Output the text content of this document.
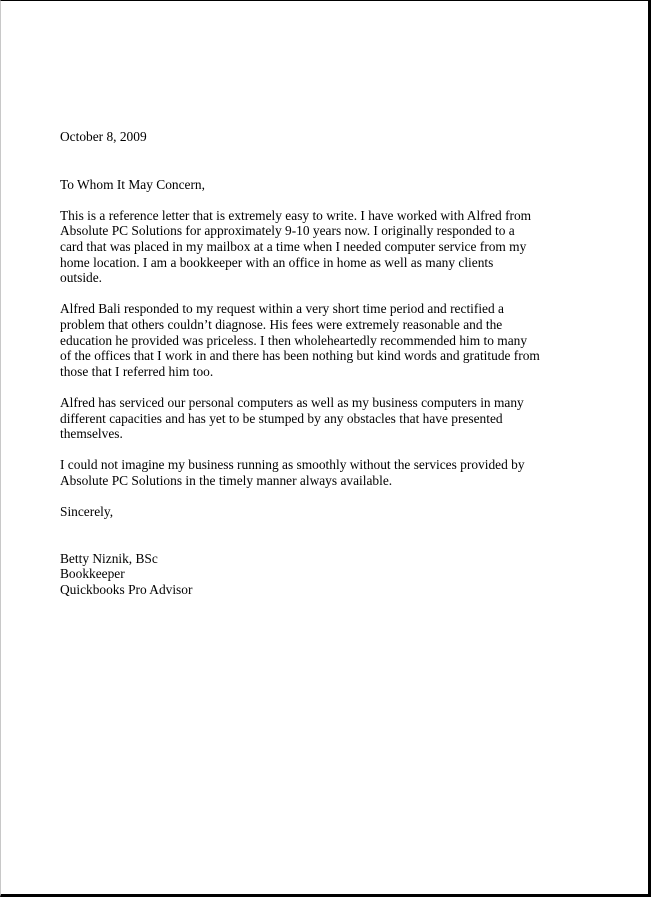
October 8, 2009
To Whom It May Concern,
This is a reference letter that is extremely easy to write. I have worked with Alfred from
Absolute PC Solutions for approximately 9-10 years now. I originally responded to a
card that was placed in my mailbox at a time when I needed computer service from my
home location. I am a bookkeeper with an office in home as well as many clients
outside.
Alfred Bali responded to my request within a very short time period and rectified a
problem that others couldn’t diagnose. His fees were extremely reasonable and the
education he provided was priceless. I then wholeheartedly recommended him to many
of the offices that I work in and there has been nothing but kind words and gratitude from
those that I referred him too.
Alfred has serviced our personal computers as well as my business computers in many
different capacities and has yet to be stumped by any obstacles that have presented
themselves.
I could not imagine my business running as smoothly without the services provided by
Absolute PC Solutions in the timely manner always available.
Sincerely,
Betty Niznik, BSc
Bookkeeper
Quickbooks Pro Advisor
